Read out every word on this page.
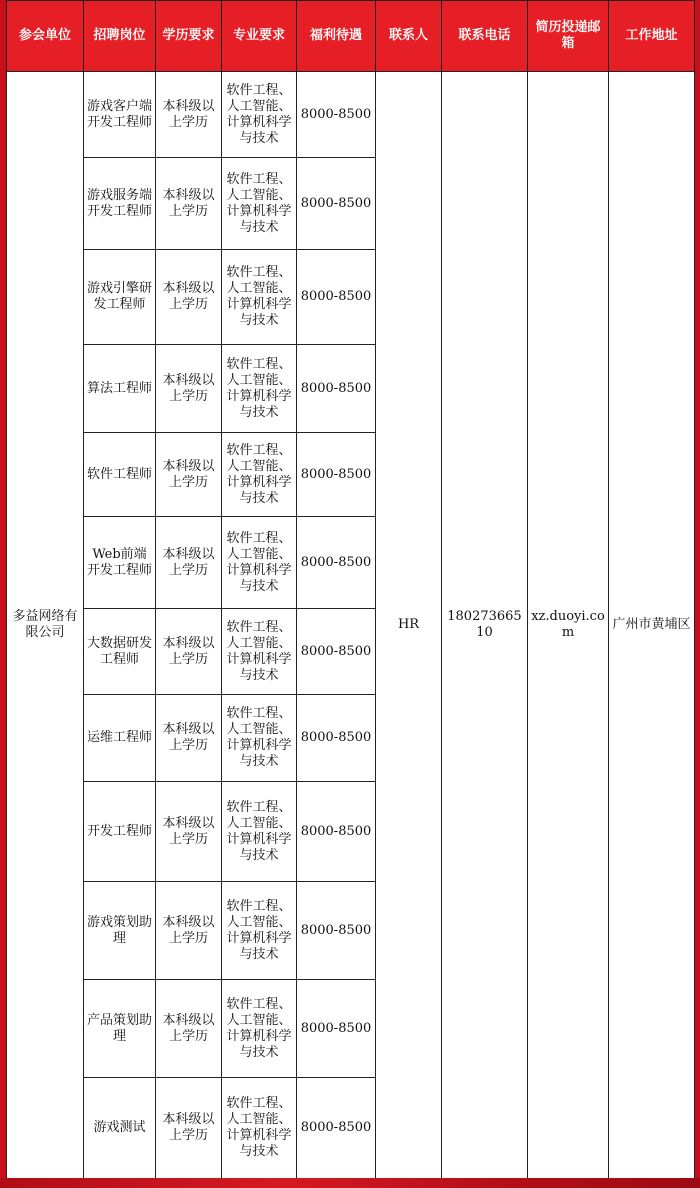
参会单位	招聘岗位	学历要求	专业要求	福利待遇	联系人	联系电话	简历投递邮箱	工作地址
多益网络有限公司	游戏客户端开发工程师	本科级以上学历	软件工程、人工智能、计算机科学与技术	8000-8500	HR	18027366510	xz.duoyi.com	广州市黄埔区
	游戏服务端开发工程师	本科级以上学历	软件工程、人工智能、计算机科学与技术	8000-8500				
	游戏引擎研发工程师	本科级以上学历	软件工程、人工智能、计算机科学与技术	8000-8500				
	算法工程师	本科级以上学历	软件工程、人工智能、计算机科学与技术	8000-8500				
	软件工程师	本科级以上学历	软件工程、人工智能、计算机科学与技术	8000-8500				
	Web前端开发工程师	本科级以上学历	软件工程、人工智能、计算机科学与技术	8000-8500				
	大数据研发工程师	本科级以上学历	软件工程、人工智能、计算机科学与技术	8000-8500				
	运维工程师	本科级以上学历	软件工程、人工智能、计算机科学与技术	8000-8500				
	开发工程师	本科级以上学历	软件工程、人工智能、计算机科学与技术	8000-8500				
	游戏策划助理	本科级以上学历	软件工程、人工智能、计算机科学与技术	8000-8500				
	产品策划助理	本科级以上学历	软件工程、人工智能、计算机科学与技术	8000-8500				
	游戏测试	本科级以上学历	软件工程、人工智能、计算机科学与技术	8000-8500				
